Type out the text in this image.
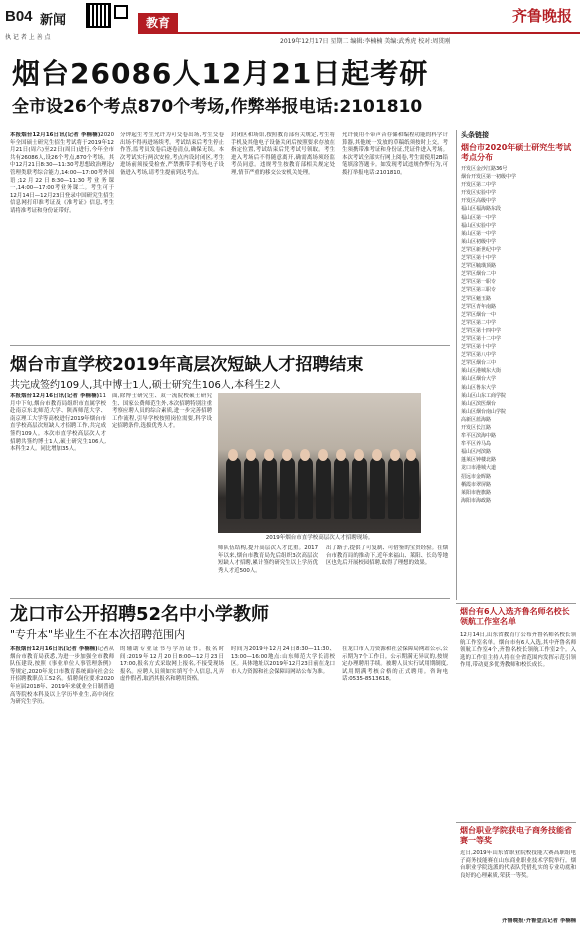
B04 新闻	教育	齐鲁晚报
执 记 者 上 善 点
2019年12月17日 星期二 编辑:李楠楠 美编:武秀虎 校对:周贯刚
烟台26086人12月21日起考研
全市设26个考点870个考场,作弊举报电话:2101810
本报烟台12月16日讯(记者 李楠楠)2020年全国硕士研究生招生考试将于2019年12月21日(周六)至22日(周日)进行,今年全市共有26086人,设26个考点,870个考场。其中12月21日8:30—11:30考思想政治理论/管理类联考综合能力,14:00—17:00考外国语;12月22日8:30—11:30考业务课一,14:00—17:00考业务课二。考生可于12月14日—12月23日登录中国研究生招生信息网打印准考证及《准考证》信息,考生请将准考证和身份证带好。
分钟起生考生允许为可交卷出场,考生交卷出场不得再进场续考。考试结束后考生停止作答,监考员发卷后逐卷清点,确保无误。本次考试实行两次安检,考点内设封闭区,考生进场前须接受检查,严禁携带手机等电子设备进入考场,请考生提前到达考点。
封闭区和场馆,按照教育部有关规定,考生将手机及其他电子设备关闭后按照要求存放在指定位置,考试结束后凭考试号领取。考生进入考场后不得随意离开,确需离场须经监考员同意。违规考生按教育部相关规定处理,情节严重的移交公安机关处理。
允许使用不带声音存储和编程功能的科学计算器,其他统一发放的草稿纸须按时上交。考生须携带准考证和身份证,凭证件进入考场。本次考试全部实行网上阅卷,考生需使用2B铅笔填涂答题卡。如发现考试违规作弊行为,可拨打举报电话:2101810。
头条链接
烟台市2020年硕士研究生考试考点分布
开发区金沙江路36号
烟台开发区第一初级中学
开发区第二中学
开发区实验中学
开发区高级中学
福山区福海路东段
福山区第一中学
福山区实验中学
莱山区第一中学
莱山区初级中学
芝罘区新世纪中学
芝罘区第十中学
芝罘区毓璜顶路
芝罘区烟台二中
芝罘区第一职专
芝罘区第三职专
芝罘区魁玉路
芝罘区青年南路
芝罘区烟台一中
芝罘区第二中学
芝罘区第十四中学
芝罘区第十二中学
芝罘区第十中学
芝罘区第八中学
芝罘区烟台三中
莱山区港城东大街
莱山区烟台大学
莱山区鲁东大学
莱山区山东工商学院
莱山区滨医烟台
莱山区烟台南山学院
高新区蓝海路
开发区长江路
牟平区滨海中路
牟平区养马岛
福山区河滨路
蓬莱区钟楼北路
龙口市港城大道
招远市金晖路
栖霞市翠屏路
莱阳市旌旗路
海阳市海政路
烟台市直学校2019年高层次短缺人才招聘结束
共完成签约109人,其中博士1人,硕士研究生106人,本科生2人
本报烟台12月16日讯(记者 李楠楠)11月中下旬,烟台市教育局组织市直属学校赴南京东北师范大学、陕西师范大学、南京理工大学等高校进行2019年烟台市直学校高层次短缺人才招聘工作,共完成签约109人。本次市直学校高层次人才招聘共签约博士1人,硕士研究生106人,本科生2人。同比增加35人。
面,除博士研究生、双一流院校硕士研究生、国家公费师范生外,本次招聘特别注重考察应聘人员的综合素质,进一步完善招聘工作流程,引导学校按照岗位需要,科学设定招聘条件,选拔优秀人才。
2019年烟台市直学校高层次人才招聘现场。
师队伍结构,提升高层次人才比重。2017年以来,烟台市教育局先后组织3次高层次短缺人才招聘,累计签约研究生以上学历优秀人才近500人。
出了路子,提供了可复制、可借鉴的宝贵经验。在烟台市教育局的推动下,近年来福山、莱阳、长岛等地区也先后开展校园招聘,取得了理想的效果。
龙口市公开招聘52名中小学教师
"专升本"毕业生不在本次招聘范围内
本报烟台12月16日讯(记者 李楠楠)记者从烟台市教育局获悉,为进一步加强全市教师队伍建设,按照《事业单位人事管理条例》等规定,2020年龙口市教育系统面向社会公开招聘教职员工52名。招聘岗位要求2020年应届2018年、2019年来就业全日制普通高等院校本科及以上学历毕业生,高中岗位为研究生学历。
的辅助专业证书与学历证书。报名时间:2019年12月20日8:00—12月23日17:00,报名方式采取网上报名,不接受现场报名。应聘人员须如实填写个人信息,凡弄虚作假者,取消其报名和聘用资格。
时间为2019年12月24日8:30—11:30、13:00—16:00地点:山东师范大学长清校区。具体地址以2019年12月23日前在龙口市人力资源和社会保障局网站公布为准。
在龙口市人力资源和社会保障局网站公示,公示期为7个工作日。公示期满无异议的,按规定办理聘用手续。被聘人员实行试用期制度,试用期满考核合格的正式聘用。咨询电话:0535-8513618。
烟台有6人入选齐鲁名师名校长领航工作室名单
12月14日,山东省教育厅公布齐鲁名师名校长领航工作室名单。烟台市有6人入选,其中齐鲁名师领航工作室4个,齐鲁名校长领航工作室2个。入选的工作室主持人将在全省范围内发挥示范引领作用,带动更多优秀教师和校长成长。
烟台职业学院获电子商务技能省赛一等奖
近日,2019年山东省职业院校技能大赛高职组电子商务技能赛在山东商业职业技术学院举行。烟台职业学院选派的代表队凭借扎实的专业功底和良好的心理素质,荣获一等奖。
齐鲁晚报·齐鲁壹点记者 李楠楠
